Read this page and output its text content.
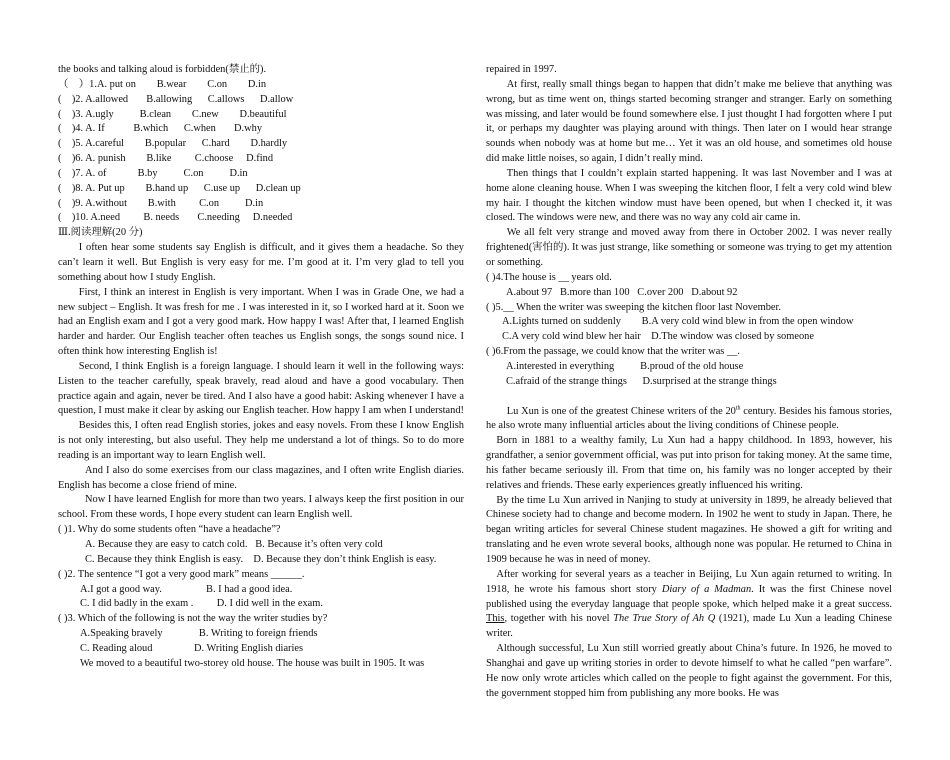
the books and talking aloud is forbidden(禁止的).

（　）1.A. put on        B.wear        C.on        D.in

(　)2. A.allowed       B.allowing      C.allows      D.allow

(　)3. A.ugly          B.clean        C.new        D.beautiful

(　)4. A. If           B.which      C.when       D.why

(　)5. A.careful        B.popular      C.hard        D.hardly

(　)6. A. punish        B.like         C.choose     D.find

(　)7. A. of            B.by          C.on          D.in

(　)8. A. Put up        B.hand up      C.use up      D.clean up

(　)9. A.without        B.with         C.on          D.in

(　)10. A.need         B. needs       C.needing     D.needed

Ⅲ.阅读理解(20 分)

I often hear some students say English is difficult, and it gives them a headache. So they can’t learn it well. But English is very easy for me. I’m good at it. I’m very glad to tell you something about how I study English.

First, I think an interest in English is very important. When I was in Grade One, we had a new subject – English. It was fresh for me . I was interested in it, so I worked hard at it. Soon we had an English exam and I got a very good mark. How happy I was! After that, I learned English harder and harder. Our English teacher often teaches us English songs, the songs sound nice. I often think how interesting English is!

Second, I think English is a foreign language. I should learn it well in the following ways: Listen to the teacher carefully, speak bravely, read aloud and have a good vocabulary. Then practice again and again, never be tired. And I also have a good habit: Asking whenever I have a question, I must make it clear by asking our English teacher. How happy I am when I understand!

Besides this, I often read English stories, jokes and easy novels. From these I know English is not only interesting, but also useful. They help me understand a lot of things. So to do more reading is an important way to learn English well.

And I also do some exercises from our class magazines, and I often write English diaries. English has become a close friend of mine.

Now I have learned English for more than two years. I always keep the first position in our school. From these words, I hope every student can learn English well.

( )1. Why do some students often “have a headache”?

A. Because they are easy to catch cold.   B. Because it’s often very cold

C. Because they think English is easy.    D. Because they don’t think English is easy.

( )2. The sentence “I got a very good mark” means ______.

A.I got a good way.                 B. I had a good idea.

C. I did badly in the exam .         D. I did well in the exam.

( )3. Which of the following is not the way the writer studies by?

A.Speaking bravely              B. Writing to foreign friends

C. Reading aloud                D. Writing English diaries

We moved to a beautiful two-storey old house. The house was built in 1905. It was

repaired in 1997.

At first, really small things began to happen that didn’t make me believe that anything was wrong, but as time went on, things started becoming stranger and stranger. Early on something was missing, and later would be found somewhere else. I just thought I had forgotten where I put it, or perhaps my daughter was playing around with things. Then later on I would hear strange sounds when nobody was at home but me… Yet it was an old house, and sometimes old house did make little noises, so again, I didn’t really mind.

Then things that I couldn’t explain started happening. It was last November and I was at home alone cleaning house. When I was sweeping the kitchen floor, I felt a very cold wind blew my hair. I thought the kitchen window must have been opened, but when I checked it, it was closed. The windows were new, and there was no way any cold air came in.

We all felt very strange and moved away from there in October 2002. I was never really frightened(害怕的). It was just strange, like something or someone was trying to get my attention or something.

( )4.The house is __ years old.

A.about 97   B.more than 100   C.over 200   D.about 92

( )5.__ When the writer was sweeping the kitchen floor last November.

A.Lights turned on suddenly        B.A very cold wind blew in from the open window

C.A very cold wind blew her hair    D.The window was closed by someone

( )6.From the passage, we could know that the writer was __.

A.interested in everything          B.proud of the old house

C.afraid of the strange things      D.surprised at the strange things

Lu Xun is one of the greatest Chinese writers of the 20th century. Besides his famous stories, he also wrote many influential articles about the living conditions of Chinese people.

Born in 1881 to a wealthy family, Lu Xun had a happy childhood. In 1893, however, his grandfather, a senior government official, was put into prison for taking money. At the same time, his father became seriously ill. From that time on, his family was no longer accepted by their relatives and friends. These early experiences greatly influenced his writing.

By the time Lu Xun arrived in Nanjing to study at university in 1899, he already believed that Chinese society had to change and become modern. In 1902 he went to study in Japan. There, he began writing articles for several Chinese student magazines. He showed a gift for writing and translating and he even wrote several books, although none was popular. He returned to China in 1909 because he was in need of money.

After working for several years as a teacher in Beijing, Lu Xun again returned to writing. In 1918, he wrote his famous short story Diary of a Madman. It was the first Chinese novel published using the everyday language that people spoke, which helped make it a great success. This, together with his novel The True Story of Ah Q (1921), made Lu Xun a leading Chinese writer.

Although successful, Lu Xun still worried greatly about China’s future. In 1926, he moved to Shanghai and gave up writing stories in order to devote himself to what he called “pen warfare”. He now only wrote articles which called on the people to fight against the government. For this, the government stopped him from publishing any more books. He was
